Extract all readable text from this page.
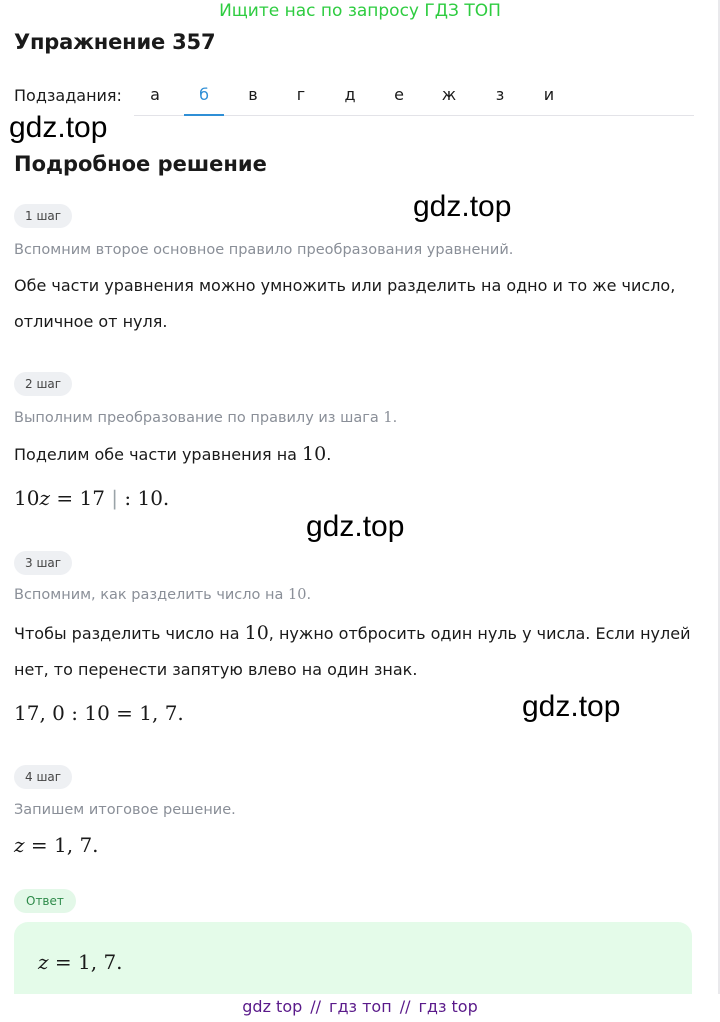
Ищите нас по запросу ГДЗ ТОП
Упражнение 357
Подзадания:	а	б	в	г	д	е	ж	з	и
gdz.top
Подробное решение
gdz.top
1 шаг
Вспомним второе основное правило преобразования уравнений.
Обе части уравнения можно умножить или разделить на одно и то же число, отличное от нуля.
2 шаг
Выполним преобразование по правилу из шага 1.
Поделим обе части уравнения на 10.
10z = 17 | : 10.
gdz.top
3 шаг
Вспомним, как разделить число на 10.
Чтобы разделить число на 10, нужно отбросить один нуль у числа. Если нулей нет, то перенести запятую влево на один знак.
17, 0 : 10 = 1, 7.	gdz.top
4 шаг
Запишем итоговое решение.
z = 1, 7.
Ответ
z = 1, 7.
gdz top // гдз топ // гдз top
